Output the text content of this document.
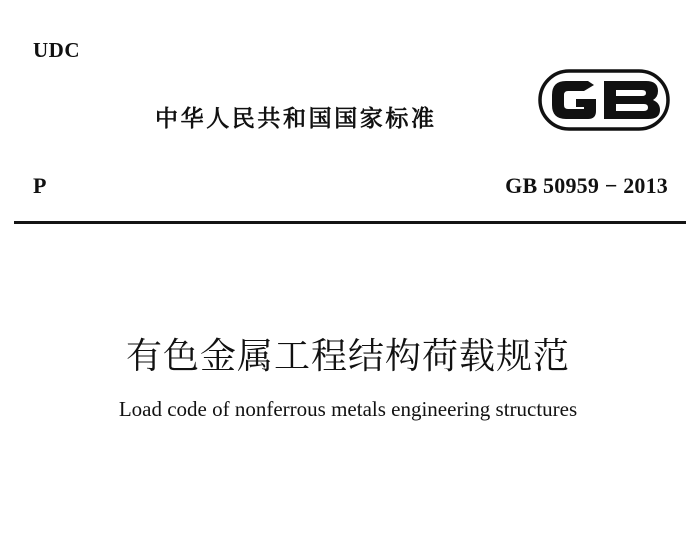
UDC
中华人民共和国国家标准
P	GB 50959 − 2013
有色金属工程结构荷载规范
Load code of nonferrous metals engineering structures
